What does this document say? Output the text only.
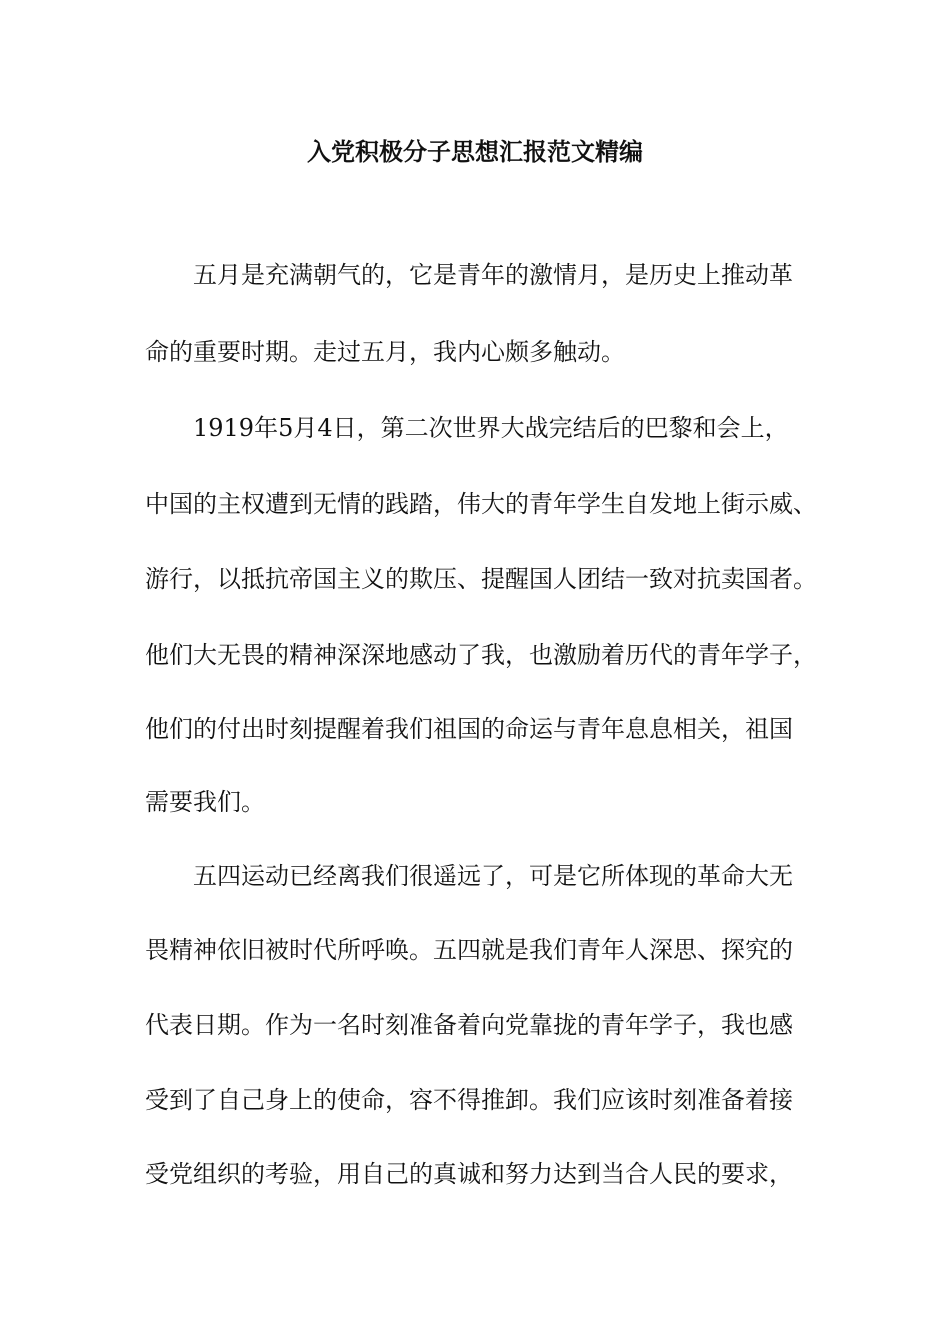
入党积极分子思想汇报范文精编
五月是充满朝气的，它是青年的激情月，是历史上推动革
命的重要时期。走过五月，我内心颇多触动。
1919年5月4日，第二次世界大战完结后的巴黎和会上，
中国的主权遭到无情的践踏，伟大的青年学生自发地上街示威、
游行，以抵抗帝国主义的欺压、提醒国人团结一致对抗卖国者。
他们大无畏的精神深深地感动了我，也激励着历代的青年学子，
他们的付出时刻提醒着我们祖国的命运与青年息息相关，祖国
需要我们。
五四运动已经离我们很遥远了，可是它所体现的革命大无
畏精神依旧被时代所呼唤。五四就是我们青年人深思、探究的
代表日期。作为一名时刻准备着向党靠拢的青年学子，我也感
受到了自己身上的使命，容不得推卸。我们应该时刻准备着接
受党组织的考验，用自己的真诚和努力达到当合人民的要求，
